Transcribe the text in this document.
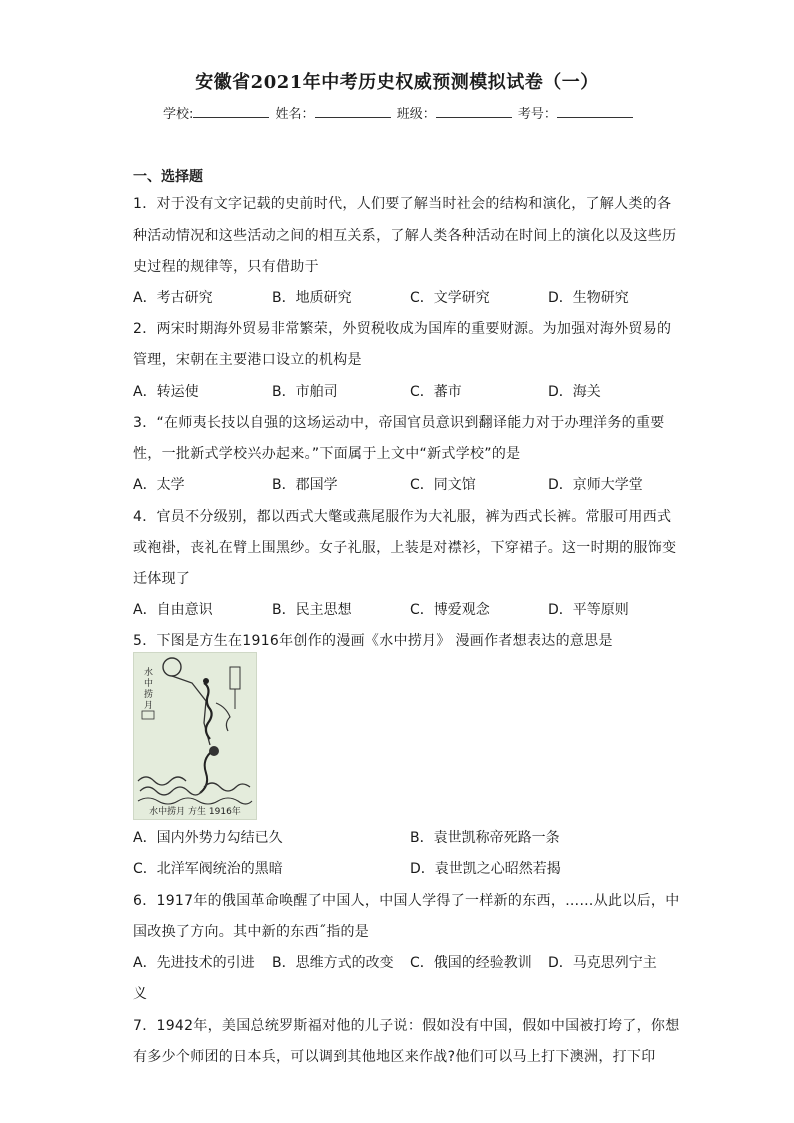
安徽省2021年中考历史权威预测模拟试卷（一）
学校:	姓名：	班级：	考号：
一、选择题
1．对于没有文字记载的史前时代，人们要了解当时社会的结构和演化，了解人类的各
种活动情况和这些活动之间的相互关系，了解人类各种活动在时间上的演化以及这些历
史过程的规律等，只有借助于
A．考古研究	B．地质研究	C．文学研究	D．生物研究
2．两宋时期海外贸易非常繁荣，外贸税收成为国库的重要财源。为加强对海外贸易的
管理，宋朝在主要港口设立的机构是
A．转运使	B．市舶司	C．蕃市	D．海关
3．“在师夷长技以自强的这场运动中，帝国官员意识到翻译能力对于办理洋务的重要
性，一批新式学校兴办起来。”下面属于上文中“新式学校”的是
A．太学	B．郡国学	C．同文馆	D．京师大学堂
4．官员不分级别，都以西式大氅或燕尾服作为大礼服，裤为西式长裤。常服可用西式
或袍褂，丧礼在臂上围黑纱。女子礼服，上装是对襟衫，下穿裙子。这一时期的服饰变
迁体现了
A．自由意识	B．民主思想	C．博爱观念	D．平等原则
5．下图是方生在1916年创作的漫画《水中捞月》 漫画作者想表达的意思是
水
中
捞
月
水中捞月 方生 1916年
A．国内外势力勾结已久	B．袁世凯称帝死路一条
C．北洋军阀统治的黑暗	D．袁世凯之心昭然若揭
6．1917年的俄国革命唤醒了中国人，中国人学得了一样新的东西，……从此以后，中
国改换了方向。其中新的东西˝指的是
A．先进技术的引进 B．思维方式的改变 C．俄国的经验教训 D．马克思列宁主
义
7．1942年，美国总统罗斯福对他的儿子说：假如没有中国，假如中国被打垮了，你想
有多少个师团的日本兵，可以调到其他地区来作战?他们可以马上打下澳洲，打下印
